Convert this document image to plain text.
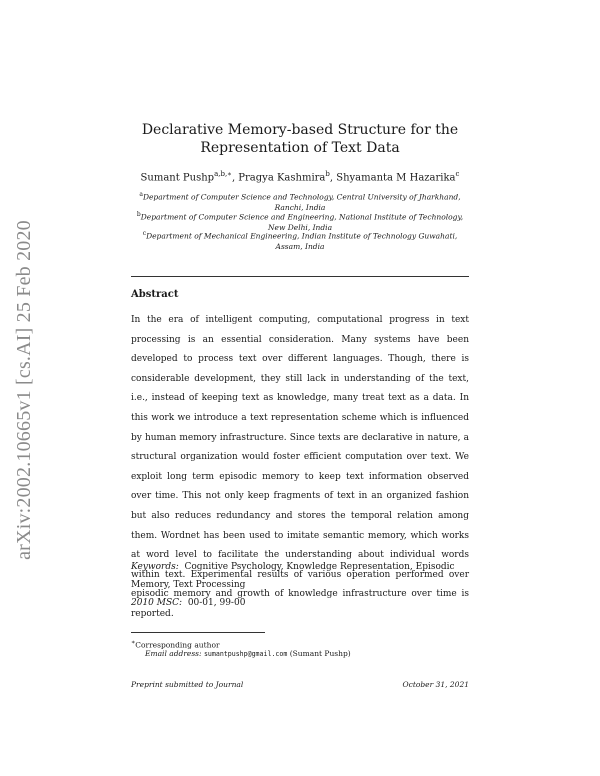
arXiv:2002.10665v1 [cs.AI] 25 Feb 2020
Declarative Memory-based Structure for the
Representation of Text Data
Sumant Pushp$^{a,b,∗}$, Pragya Kashmira$^b$, Shyamanta M Hazarika$^c$
$^a$Department of Computer Science and Technology, Central University of Jharkhand, Ranchi, India
$^b$Department of Computer Science and Engineering, National Institute of Technology, New Delhi, India
$^c$Department of Mechanical Engineering, Indian Institute of Technology Guwahati, Assam, India
Abstract
In the era of intelligent computing, computational progress in text processing is an essential consideration. Many systems have been developed to process text over different languages. Though, there is considerable development, they still lack in understanding of the text, i.e., instead of keeping text as knowledge, many treat text as a data. In this work we introduce a text representation scheme which is influenced by human memory infrastructure. Since texts are declarative in nature, a structural organization would foster efficient computation over text. We exploit long term episodic memory to keep text information observed over time. This not only keep fragments of text in an organized fashion but also reduces redundancy and stores the temporal relation among them. Wordnet has been used to imitate semantic memory, which works at word level to facilitate the understanding about individual words within text. Experimental results of various operation performed over episodic memory and growth of knowledge infrastructure over time is reported.
Keywords: Cognitive Psychology, Knowledge Representation, Episodic Memory, Text Processing
2010 MSC: 00-01, 99-00
∗Corresponding author
Email address: sumantpushp@gmail.com (Sumant Pushp)
Preprint submitted to Journal	October 31, 2021
